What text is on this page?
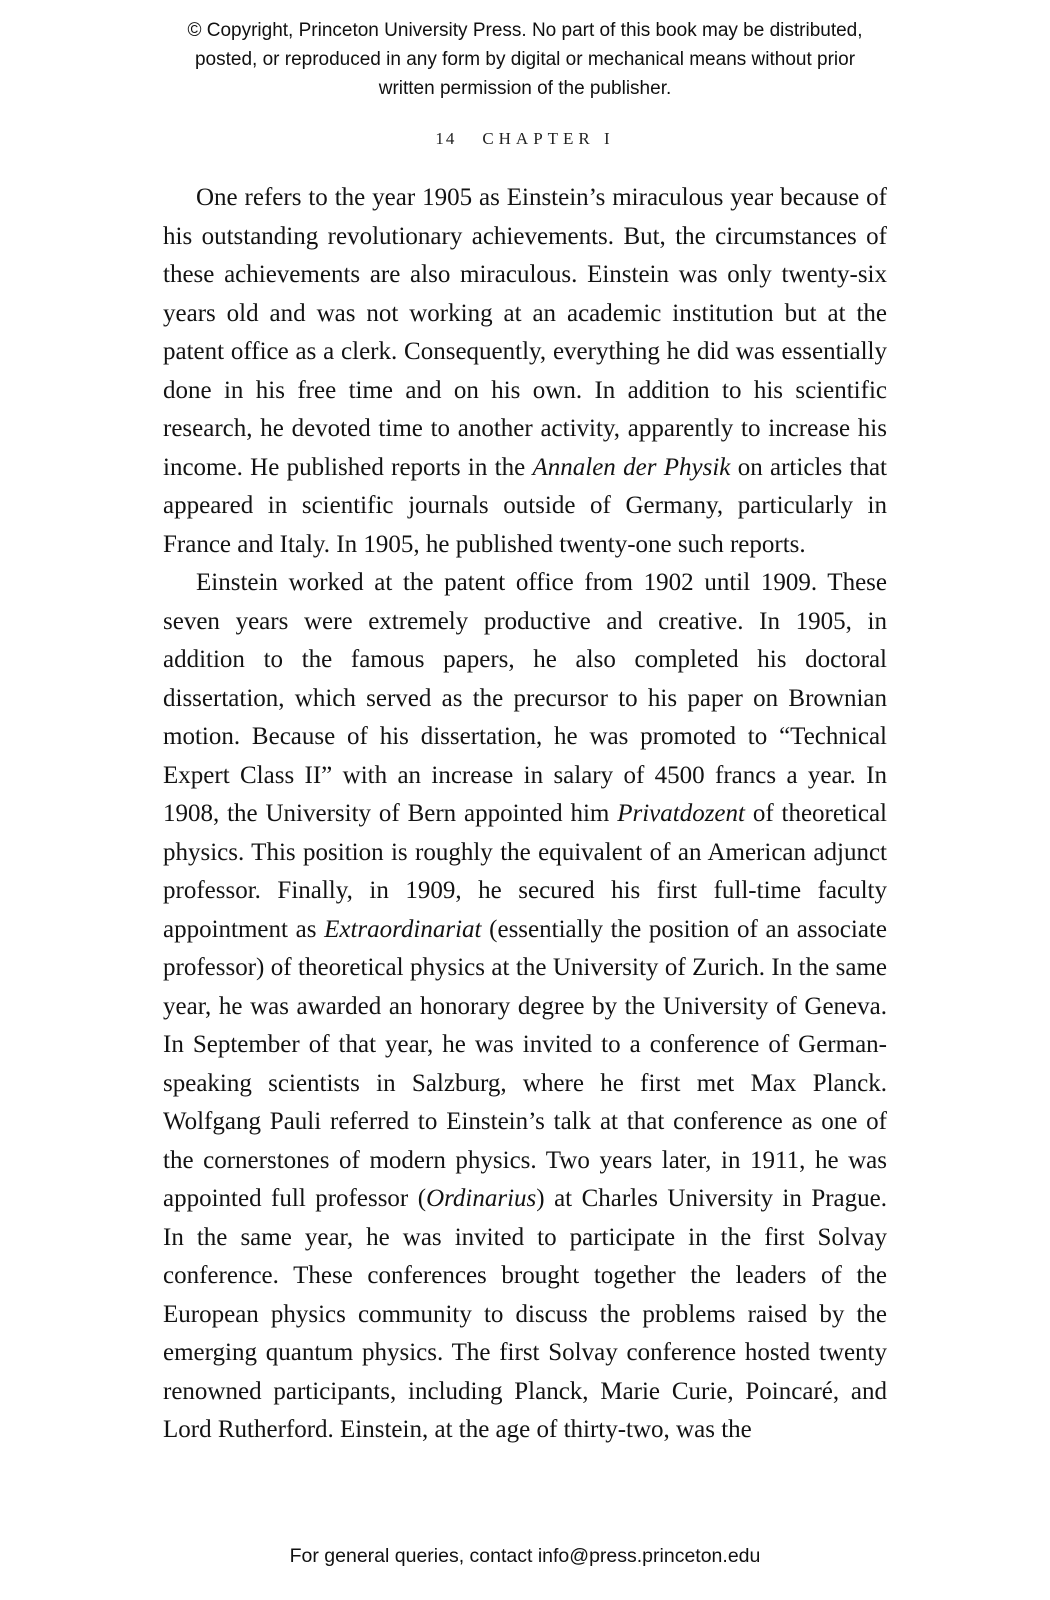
© Copyright, Princeton University Press. No part of this book may be distributed, posted, or reproduced in any form by digital or mechanical means without prior written permission of the publisher.
14 CHAPTER I

One refers to the year 1905 as Einstein’s miraculous year because of his outstanding revolutionary achievements. But, the circumstances of these achievements are also miraculous. Einstein was only twenty-six years old and was not working at an academic institution but at the patent office as a clerk. Consequently, everything he did was essentially done in his free time and on his own. In addition to his scientific research, he devoted time to another activity, apparently to increase his income. He published reports in the Annalen der Physik on articles that appeared in scientific journals outside of Germany, particularly in France and Italy. In 1905, he published twenty-one such reports.

Einstein worked at the patent office from 1902 until 1909. These seven years were extremely productive and creative. In 1905, in addition to the famous papers, he also completed his doctoral dissertation, which served as the precursor to his paper on Brownian motion. Because of his dissertation, he was promoted to “Technical Expert Class II” with an increase in salary of 4500 francs a year. In 1908, the University of Bern appointed him Privatdozent of theoretical physics. This position is roughly the equivalent of an American adjunct professor. Finally, in 1909, he secured his first full-time faculty appointment as Extraordinariat (essentially the position of an associate professor) of theoretical physics at the University of Zurich. In the same year, he was awarded an honorary degree by the University of Geneva. In September of that year, he was invited to a conference of German-speaking scientists in Salzburg, where he first met Max Planck. Wolfgang Pauli referred to Einstein’s talk at that conference as one of the cornerstones of modern physics. Two years later, in 1911, he was appointed full professor (Ordinarius) at Charles University in Prague. In the same year, he was invited to participate in the first Solvay conference. These conferences brought together the leaders of the European physics community to discuss the problems raised by the emerging quantum physics. The first Solvay conference hosted twenty renowned participants, including Planck, Marie Curie, Poincaré, and Lord Rutherford. Einstein, at the age of thirty-two, was the

For general queries, contact info@press.princeton.edu
